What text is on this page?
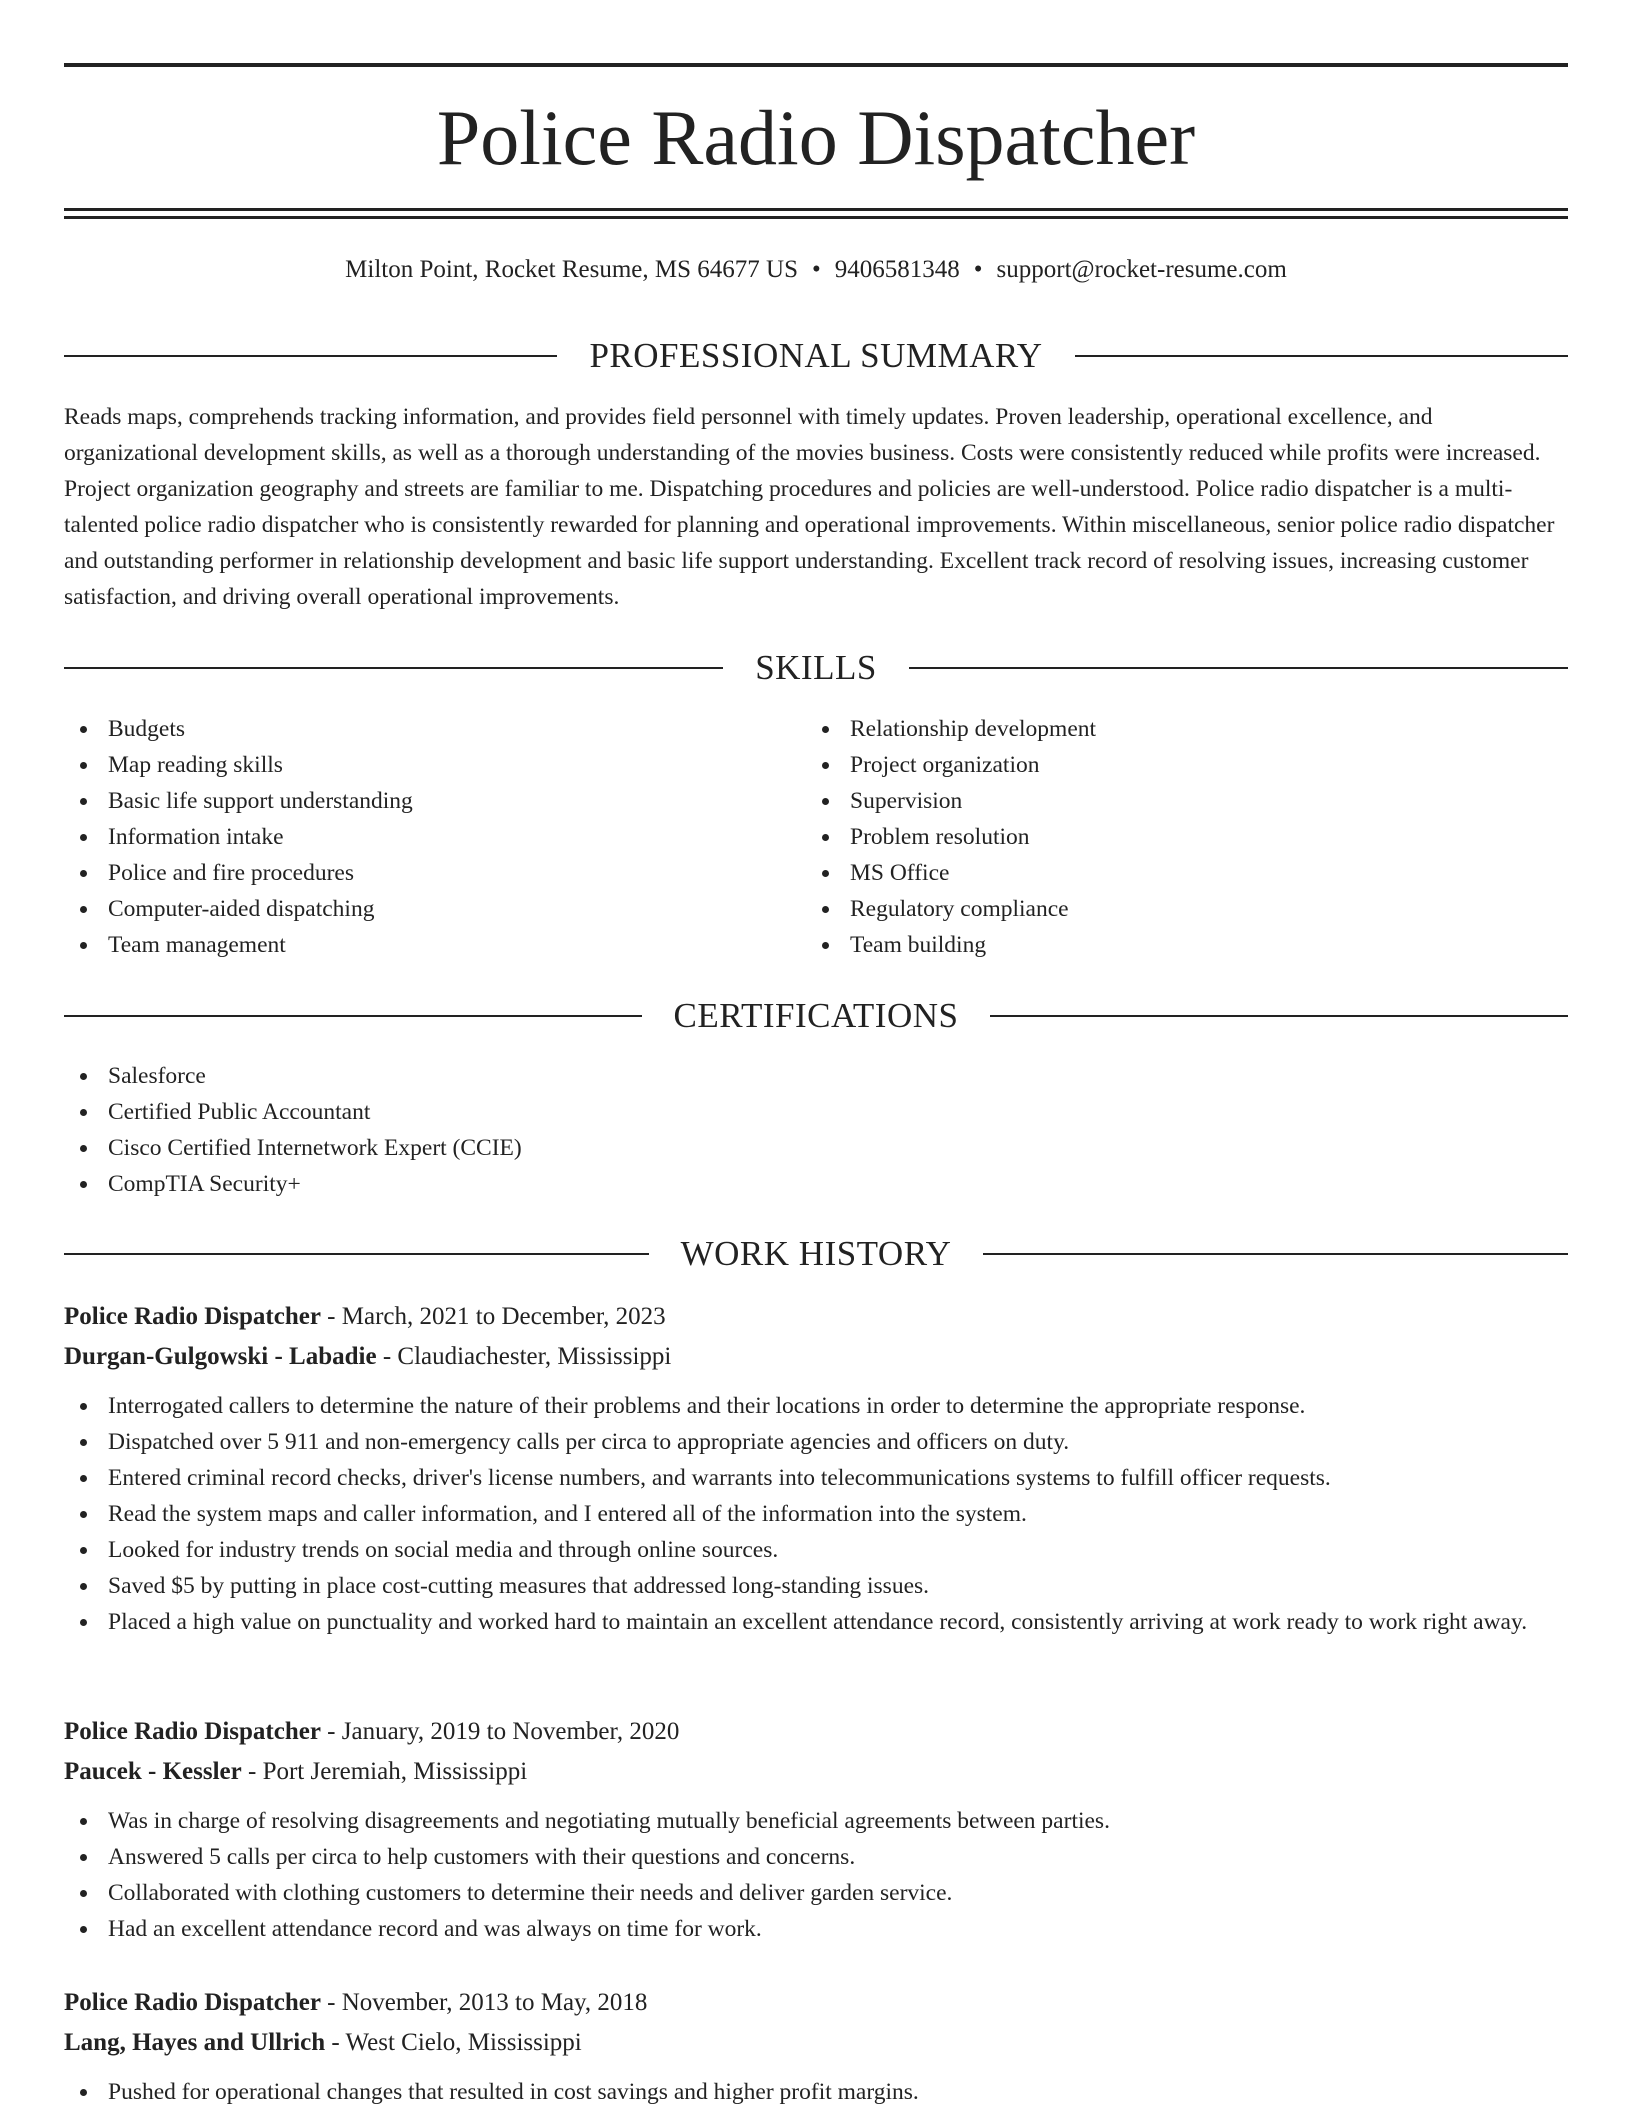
Police Radio Dispatcher
Milton Point, Rocket Resume, MS 64677 US • 9406581348 • support@rocket-resume.com
PROFESSIONAL SUMMARY

Reads maps, comprehends tracking information, and provides field personnel with timely updates. Proven leadership, operational excellence, and organizational development skills, as well as a thorough understanding of the movies business. Costs were consistently reduced while profits were increased. Project organization geography and streets are familiar to me. Dispatching procedures and policies are well-understood. Police radio dispatcher is a multi-talented police radio dispatcher who is consistently rewarded for planning and operational improvements. Within miscellaneous, senior police radio dispatcher and outstanding performer in relationship development and basic life support understanding. Excellent track record of resolving issues, increasing customer satisfaction, and driving overall operational improvements.

SKILLS
Budgets
Map reading skills
Basic life support understanding
Information intake
Police and fire procedures
Computer-aided dispatching
Team management
Relationship development
Project organization
Supervision
Problem resolution
MS Office
Regulatory compliance
Team building
CERTIFICATIONS
Salesforce
Certified Public Accountant
Cisco Certified Internetwork Expert (CCIE)
CompTIA Security+
WORK HISTORY
Police Radio Dispatcher - March, 2021 to December, 2023
Durgan-Gulgowski - Labadie - Claudiachester, Mississippi
Interrogated callers to determine the nature of their problems and their locations in order to determine the appropriate response.
Dispatched over 5 911 and non-emergency calls per circa to appropriate agencies and officers on duty.
Entered criminal record checks, driver's license numbers, and warrants into telecommunications systems to fulfill officer requests.
Read the system maps and caller information, and I entered all of the information into the system.
Looked for industry trends on social media and through online sources.
Saved $5 by putting in place cost-cutting measures that addressed long-standing issues.
Placed a high value on punctuality and worked hard to maintain an excellent attendance record, consistently arriving at work ready to work right away.
Police Radio Dispatcher - January, 2019 to November, 2020
Paucek - Kessler - Port Jeremiah, Mississippi
Was in charge of resolving disagreements and negotiating mutually beneficial agreements between parties.
Answered 5 calls per circa to help customers with their questions and concerns.
Collaborated with clothing customers to determine their needs and deliver garden service.
Had an excellent attendance record and was always on time for work.
Police Radio Dispatcher - November, 2013 to May, 2018
Lang, Hayes and Ullrich - West Cielo, Mississippi
Pushed for operational changes that resulted in cost savings and higher profit margins.
